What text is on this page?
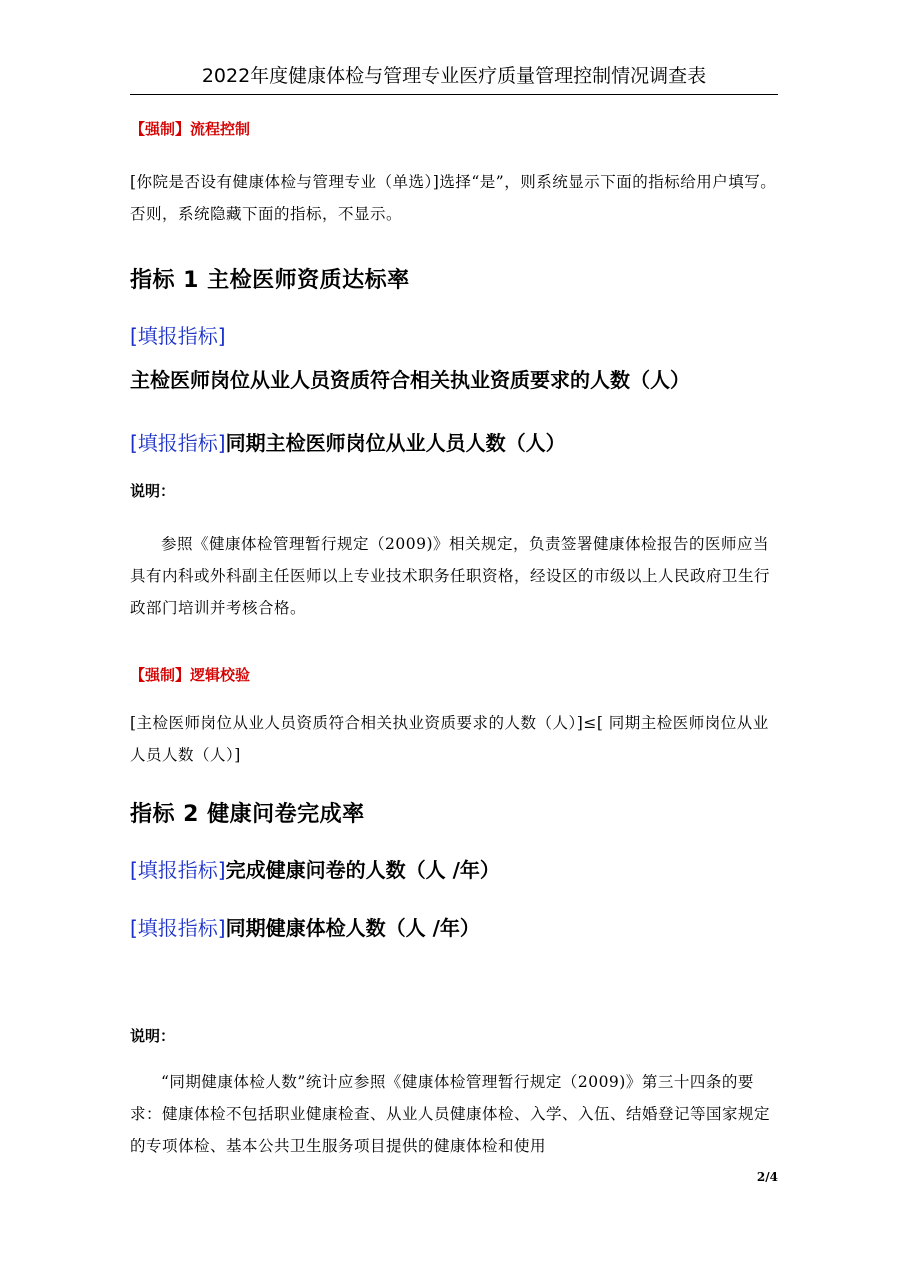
2022年度健康体检与管理专业医疗质量管理控制情况调查表
【强制】流程控制

[你院是否设有健康体检与管理专业（单选）]选择“是”，则系统显示下面的指标给用户填写。否则，系统隐藏下面的指标，不显示。

指标 1 主检医师资质达标率
[填报指标]主检医师岗位从业人员资质符合相关执业资质要求的人数（人）
[填报指标]同期主检医师岗位从业人员人数（人）
说明：

参照《健康体检管理暂行规定（2009)》相关规定，负责签署健康体检报告的医师应当具有内科或外科副主任医师以上专业技术职务任职资格，经设区的市级以上人民政府卫生行政部门培训并考核合格。

【强制】逻辑校验

[主检医师岗位从业人员资质符合相关执业资质要求的人数（人）]≤[ 同期主检医师岗位从业人员人数（人）]

指标 2 健康问卷完成率
[填报指标]完成健康问卷的人数（人 /年）
[填报指标]同期健康体检人数（人 /年）
说明：

“同期健康体检人数”统计应参照《健康体检管理暂行规定（2009)》第三十四条的要求：健康体检不包括职业健康检查、从业人员健康体检、入学、入伍、结婚登记等国家规定的专项体检、基本公共卫生服务项目提供的健康体检和使用

2/4
